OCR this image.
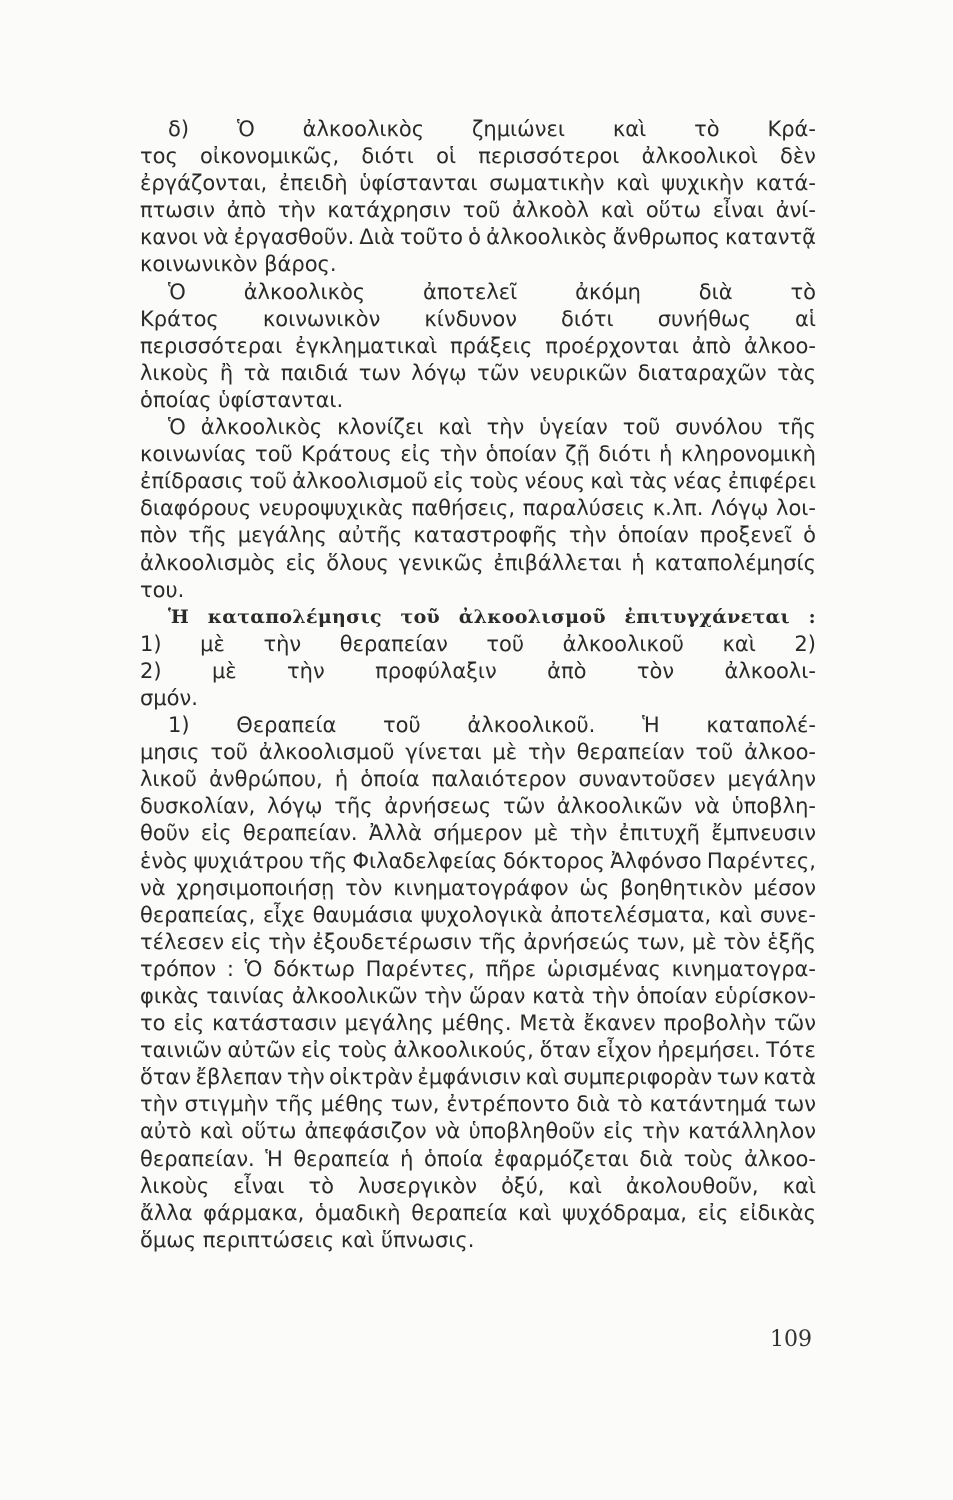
δ) Ὁ ἀλκοολικὸς ζημιώνει καὶ τὸ Κρά-
τος οἰκονομικῶς, διότι οἱ περισσότεροι ἀλκοολικοὶ δὲν
ἐργάζονται, ἐπειδὴ ὑφίστανται σωματικὴν καὶ ψυχικὴν κατά-
πτωσιν ἀπὸ τὴν κατάχρησιν τοῦ ἀλκοὸλ καὶ οὕτω εἶναι ἀνί-
κανοι νὰ ἐργασθοῦν. Διὰ τοῦτο ὁ ἀλκοολικὸς ἄνθρωπος καταντᾷ
κοινωνικὸν βάρος.
Ὁ	ἀλκοολικὸς	ἀποτελεῖ	ἀκόμη	διὰ	τὸ
Κράτος κοινωνικὸν κίνδυνον διότι συνήθως αἱ
περισσότεραι ἐγκληματικαὶ πράξεις προέρχονται ἀπὸ ἀλκοο-
λικοὺς ἢ τὰ παιδιά των λόγῳ τῶν νευρικῶν διαταραχῶν τὰς
ὁποίας ὑφίστανται.
Ὁ ἀλκοολικὸς κλονίζει καὶ τὴν ὑγείαν τοῦ συνόλου τῆς
κοινωνίας τοῦ Κράτους εἰς τὴν ὁποίαν ζῇ διότι ἡ κληρονομικὴ
ἐπίδρασις τοῦ ἀλκοολισμοῦ εἰς τοὺς νέους καὶ τὰς νέας ἐπιφέρει
διαφόρους νευροψυχικὰς παθήσεις, παραλύσεις κ.λπ. Λόγῳ λοι-
πὸν τῆς μεγάλης αὐτῆς καταστροφῆς τὴν ὁποίαν προξενεῖ ὁ
ἀλκοολισμὸς εἰς ὅλους γενικῶς ἐπιβάλλεται ἡ καταπολέμησίς
του.
Ἡ καταπολέμησις τοῦ ἀλκοολισμοῦ ἐπιτυγχάνεται :
1) μὲ τὴν θεραπείαν τοῦ ἀλκοολικοῦ καὶ 2)
2) μὲ τὴν προφύλαξιν ἀπὸ τὸν ἀλκοολι-
σμόν.
1) Θεραπεία τοῦ ἀλκοολικοῦ. Ἡ καταπολέ-
μησις τοῦ ἀλκοολισμοῦ γίνεται μὲ τὴν θεραπείαν τοῦ ἀλκοο-
λικοῦ ἀνθρώπου, ἡ ὁποία παλαιότερον συναντοῦσεν μεγάλην
δυσκολίαν, λόγῳ τῆς ἀρνήσεως τῶν ἀλκοολικῶν νὰ ὑποβλη-
θοῦν εἰς θεραπείαν. Ἀλλὰ σήμερον μὲ τὴν ἐπιτυχῆ ἔμπνευσιν
ἑνὸς ψυχιάτρου τῆς Φιλαδελφείας δόκτορος Ἀλφόνσο Παρέντες,
νὰ χρησιμοποιήσῃ τὸν κινηματογράφον ὡς βοηθητικὸν μέσον
θεραπείας, εἶχε θαυμάσια ψυχολογικὰ ἀποτελέσματα, καὶ συνε-
τέλεσεν εἰς τὴν ἐξουδετέρωσιν τῆς ἀρνήσεώς των, μὲ τὸν ἑξῆς
τρόπον : Ὁ δόκτωρ Παρέντες, πῆρε ὡρισμένας κινηματογρα-
φικὰς ταινίας ἀλκοολικῶν τὴν ὥραν κατὰ τὴν ὁποίαν εὑρίσκον-
το εἰς κατάστασιν μεγάλης μέθης. Μετὰ ἔκανεν προβολὴν τῶν
ταινιῶν αὐτῶν εἰς τοὺς ἀλκοολικούς, ὅταν εἶχον ἠρεμήσει. Τότε
ὅταν ἔβλεπαν τὴν οἰκτρὰν ἐμφάνισιν καὶ συμπεριφορὰν των κατὰ
τὴν στιγμὴν τῆς μέθης των, ἐντρέποντο διὰ τὸ κατάντημά των
αὐτὸ καὶ οὕτω ἀπεφάσιζον νὰ ὑποβληθοῦν εἰς τὴν κατάλληλον
θεραπείαν. Ἡ θεραπεία ἡ ὁποία ἐφαρμόζεται διὰ τοὺς ἀλκοο-
λικοὺς εἶναι τὸ λυσεργικὸν ὀξύ, καὶ ἀκολουθοῦν, καὶ
ἄλλα φάρμακα, ὁμαδικὴ θεραπεία καὶ ψυχόδραμα, εἰς εἰδικὰς
ὅμως περιπτώσεις καὶ ὕπνωσις.
109
